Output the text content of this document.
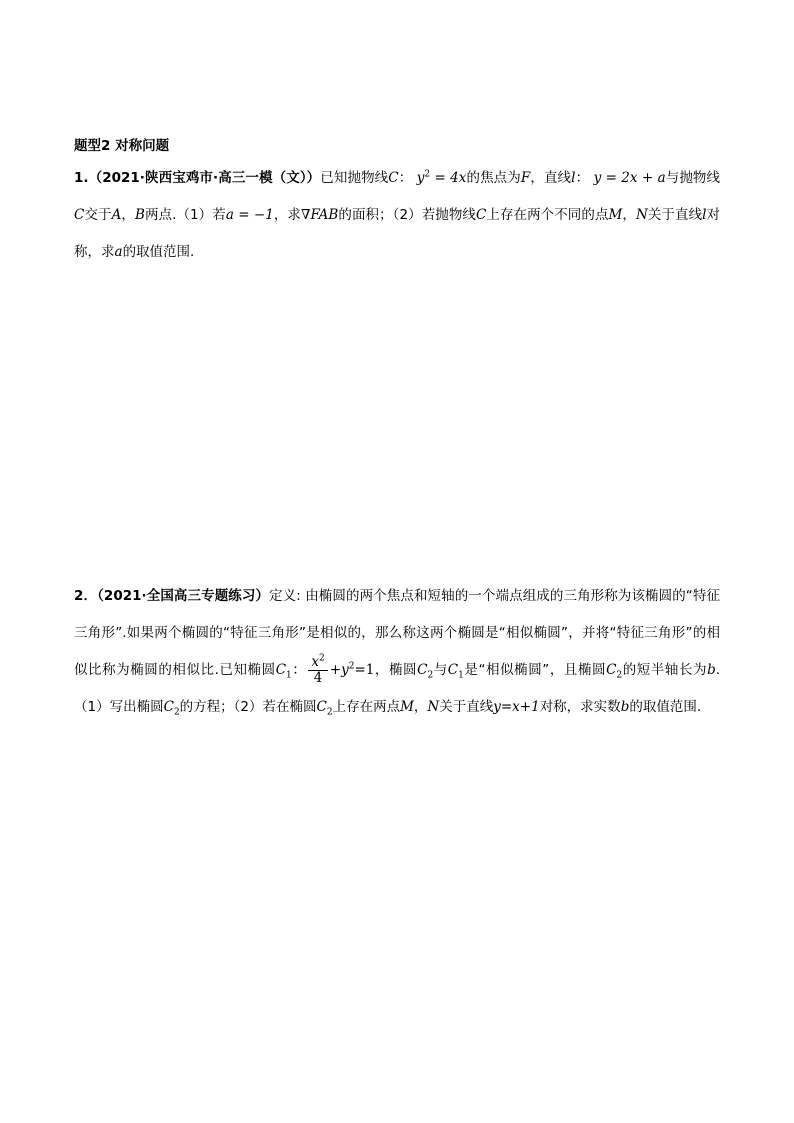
题型2 对称问题
1.（2021·陕西宝鸡市·高三一模（文））已知抛物线C： $y^2 = 4x$的焦点为F，直线l： y = 2x + a与抛物线C交于A，B两点.（1）若a = −1，求∇FAB的面积；（2）若抛物线C上存在两个不同的点M，N关于直线l对称，求a的取值范围.
2．（2021·全国高三专题练习）定义: 由椭圆的两个焦点和短轴的一个端点组成的三角形称为该椭圆的“特征三角形”.如果两个椭圆的“特征三角形”是相似的，那么称这两个椭圆是“相似椭圆”，并将“特征三角形”的相似比称为椭圆的相似比.已知椭圆$C_1$： $\frac{x^2}{4} +y^2=1$，椭圆$C_2$与$C_1$是“相似椭圆”，且椭圆$C_2$的短半轴长为b.（1）写出椭圆$C_2$的方程；（2）若在椭圆$C_2$上存在两点M，N关于直线y=x+1对称，求实数b的取值范围.
